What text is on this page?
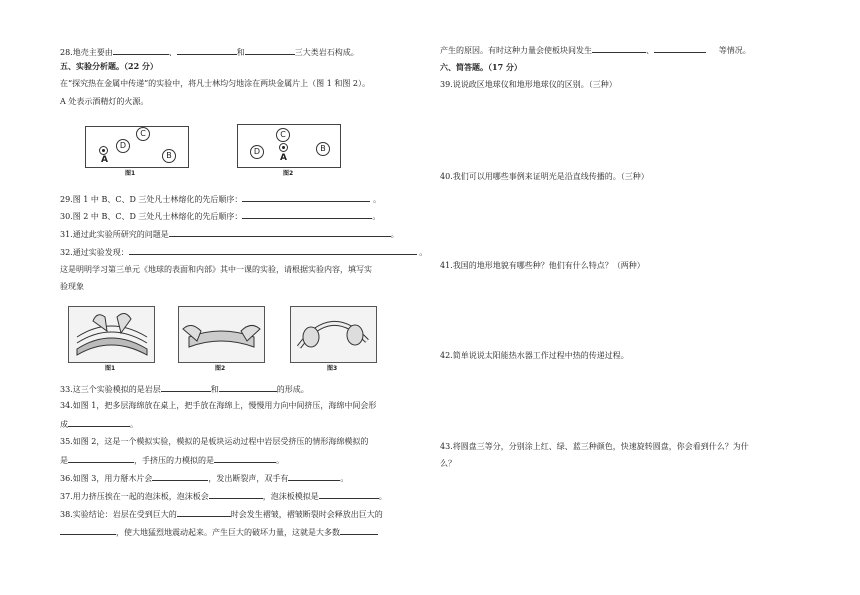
28.地壳主要由	、	和	三大类岩石构成。
五、实验分析题。（22 分）
在“探究热在金属中传递”的实验中，将凡士林均匀地涂在两块金属片上（图 1 和图 2）。
A 处表示酒精灯的火源。
A
D
C
B
图1
D
C
A
B
图2
29.图 1 中 B、C、D 三处凡士林熔化的先后顺序：	。
30.图 2 中 B、C、D 三处凡士林熔化的先后顺序：	。
31.通过此实验所研究的问题是	。
32.通过实验发现：	。
这是明明学习第三单元《地球的表面和内部》其中一课的实验，请根据实验内容，填写实
验现象
图1	图2	图3
33.这三个实验模拟的是岩层	和	的形成。
34.如图 1，把多层海绵放在桌上，把手放在海绵上，慢慢用力向中间挤压，海绵中间会形
成	。
35.如图 2，这是一个模拟实验，模拟的是板块运动过程中岩层受挤压的情形海绵模拟的
是	，手挤压的力模拟的是	。
36.如图 3，用力掰木片会	，发出断裂声，双手有	。
37.用力挤压挨在一起的泡沫板，泡沫板会	，泡沫板模拟是	。
38.实验结论：岩层在受到巨大的	时会发生褶皱，褶皱断裂时会释放出巨大的
，使大地猛烈地震动起来。产生巨大的破坏力量，这就是大多数
产生的原因。有时这种力量会使板块间发生	、	等情况。
六、简答题。（17 分）
39.说说政区地球仪和地形地球仪的区别。（三种）
40.我们可以用哪些事例来证明光是沿直线传播的。（三种）
41.我国的地形地貌有哪些种？他们有什么特点？（两种）
42.简单说说太阳能热水器工作过程中热的传递过程。
43.将圆盘三等分，分别涂上红、绿、蓝三种颜色，快速旋转圆盘，你会看到什么？为什
么？
